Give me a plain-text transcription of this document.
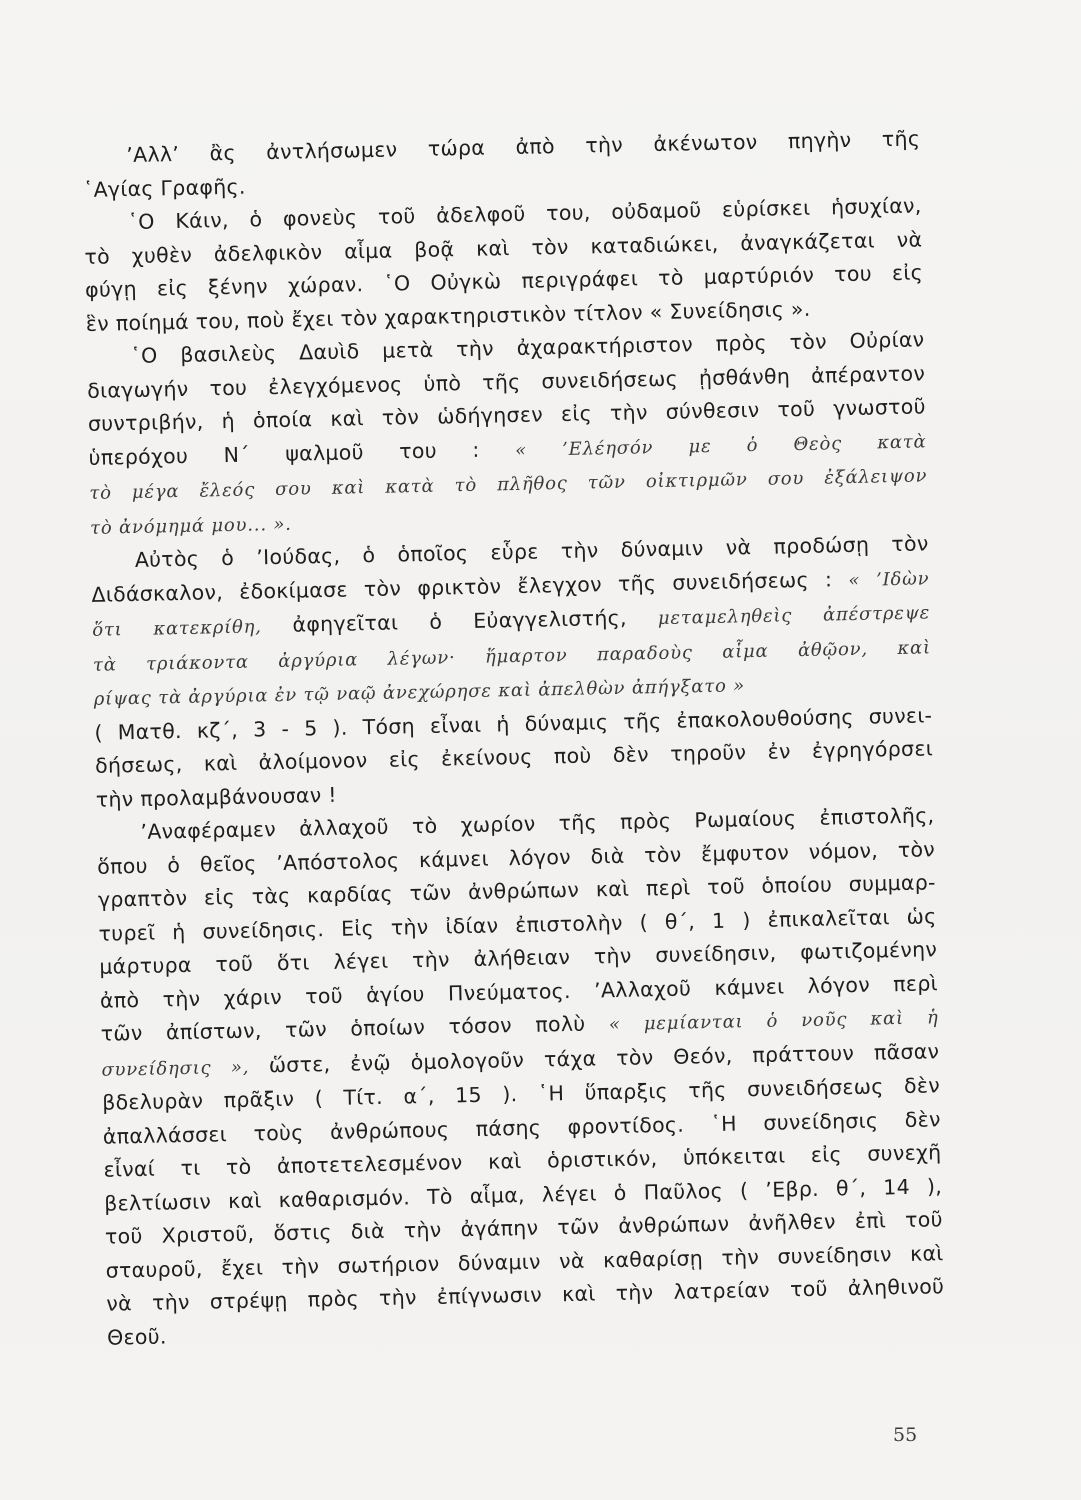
’Αλλ’ ἂς ἀντλήσωμεν τώρα ἀπὸ τὴν ἀκένωτον πηγὴν τῆς
῾Αγίας Γραφῆς.
῾Ο Κάιν, ὁ φονεὺς τοῦ ἀδελφοῦ του, οὐδαμοῦ εὑρίσκει ἡσυχίαν,
τὸ χυθὲν ἀδελφικὸν αἷμα βοᾷ καὶ τὸν καταδιώκει, ἀναγκάζεται νὰ
φύγῃ εἰς ξένην χώραν. ῾Ο Οὐγκὼ περιγράφει τὸ μαρτύριόν του εἰς
ἓν ποίημά του, ποὺ ἔχει τὸν χαρακτηριστικὸν τίτλον « Συνείδησις ».
῾Ο βασιλεὺς Δαυὶδ μετὰ τὴν ἀχαρακτήριστον πρὸς τὸν Οὐρίαν
διαγωγήν του ἐλεγχόμενος ὑπὸ τῆς συνειδήσεως ᾐσθάνθη ἀπέραντον
συντριβήν, ἡ ὁποία καὶ τὸν ὡδήγησεν εἰς τὴν σύνθεσιν τοῦ γνωστοῦ
ὑπερόχου Ν΄ ψαλμοῦ του : « ’Ελέησόν με ὁ Θεὸς κατὰ
τὸ μέγα ἔλεός σου καὶ κατὰ τὸ πλῆθος τῶν οἰκτιρμῶν σου ἐξάλειψον
τὸ ἀνόμημά μου... ».
Αὐτὸς ὁ ’Ιούδας, ὁ ὁποῖος εὗρε τὴν δύναμιν νὰ προδώσῃ τὸν
Διδάσκαλον, ἐδοκίμασε τὸν φρικτὸν ἔλεγχον τῆς συνειδήσεως : « ’Ιδὼν
ὅτι κατεκρίθη, ἀφηγεῖται ὁ Εὐαγγελιστής, μεταμεληθεὶς ἀπέστρεψε
τὰ τριάκοντα ἀργύρια λέγων· ἥμαρτον παραδοὺς αἷμα ἀθῷον, καὶ
ρίψας τὰ ἀργύρια ἐν τῷ ναῷ ἀνεχώρησε καὶ ἀπελθὼν ἀπήγξατο »
( Ματθ. κζ΄, 3 - 5 ). Τόση εἶναι ἡ δύναμις τῆς ἐπακολουθούσης συνει-
δήσεως, καὶ ἀλοίμονον εἰς ἐκείνους ποὺ δὲν τηροῦν ἐν ἐγρηγόρσει
τὴν προλαμβάνουσαν !
’Αναφέραμεν ἀλλαχοῦ τὸ χωρίον τῆς πρὸς Ρωμαίους ἐπιστολῆς,
ὅπου ὁ θεῖος ’Απόστολος κάμνει λόγον διὰ τὸν ἔμφυτον νόμον, τὸν
γραπτὸν εἰς τὰς καρδίας τῶν ἀνθρώπων καὶ περὶ τοῦ ὁποίου συμμαρ-
τυρεῖ ἡ συνείδησις. Εἰς τὴν ἰδίαν ἐπιστολὴν ( θ΄, 1 ) ἐπικαλεῖται ὡς
μάρτυρα τοῦ ὅτι λέγει τὴν ἀλήθειαν τὴν συνείδησιν, φωτιζομένην
ἀπὸ τὴν χάριν τοῦ ἁγίου Πνεύματος. ’Αλλαχοῦ κάμνει λόγον περὶ
τῶν ἀπίστων, τῶν ὁποίων τόσον πολὺ « μεμίανται ὁ νοῦς καὶ ἡ
συνείδησις », ὥστε, ἐνῷ ὁμολογοῦν τάχα τὸν Θεόν, πράττουν πᾶσαν
βδελυρὰν πρᾶξιν ( Τίτ. α΄, 15 ). ῾Η ὕπαρξις τῆς συνειδήσεως δὲν
ἀπαλλάσσει τοὺς ἀνθρώπους πάσης φροντίδος. ῾Η συνείδησις δὲν
εἶναί τι τὸ ἀποτετελεσμένον καὶ ὁριστικόν, ὑπόκειται εἰς συνεχῆ
βελτίωσιν καὶ καθαρισμόν. Τὸ αἷμα, λέγει ὁ Παῦλος ( ’Εβρ. θ΄, 14 ),
τοῦ Χριστοῦ, ὅστις διὰ τὴν ἀγάπην τῶν ἀνθρώπων ἀνῆλθεν ἐπὶ τοῦ
σταυροῦ, ἔχει τὴν σωτήριον δύναμιν νὰ καθαρίσῃ τὴν συνείδησιν καὶ
νὰ τὴν στρέψῃ πρὸς τὴν ἐπίγνωσιν καὶ τὴν λατρείαν τοῦ ἀληθινοῦ
Θεοῦ.
55
